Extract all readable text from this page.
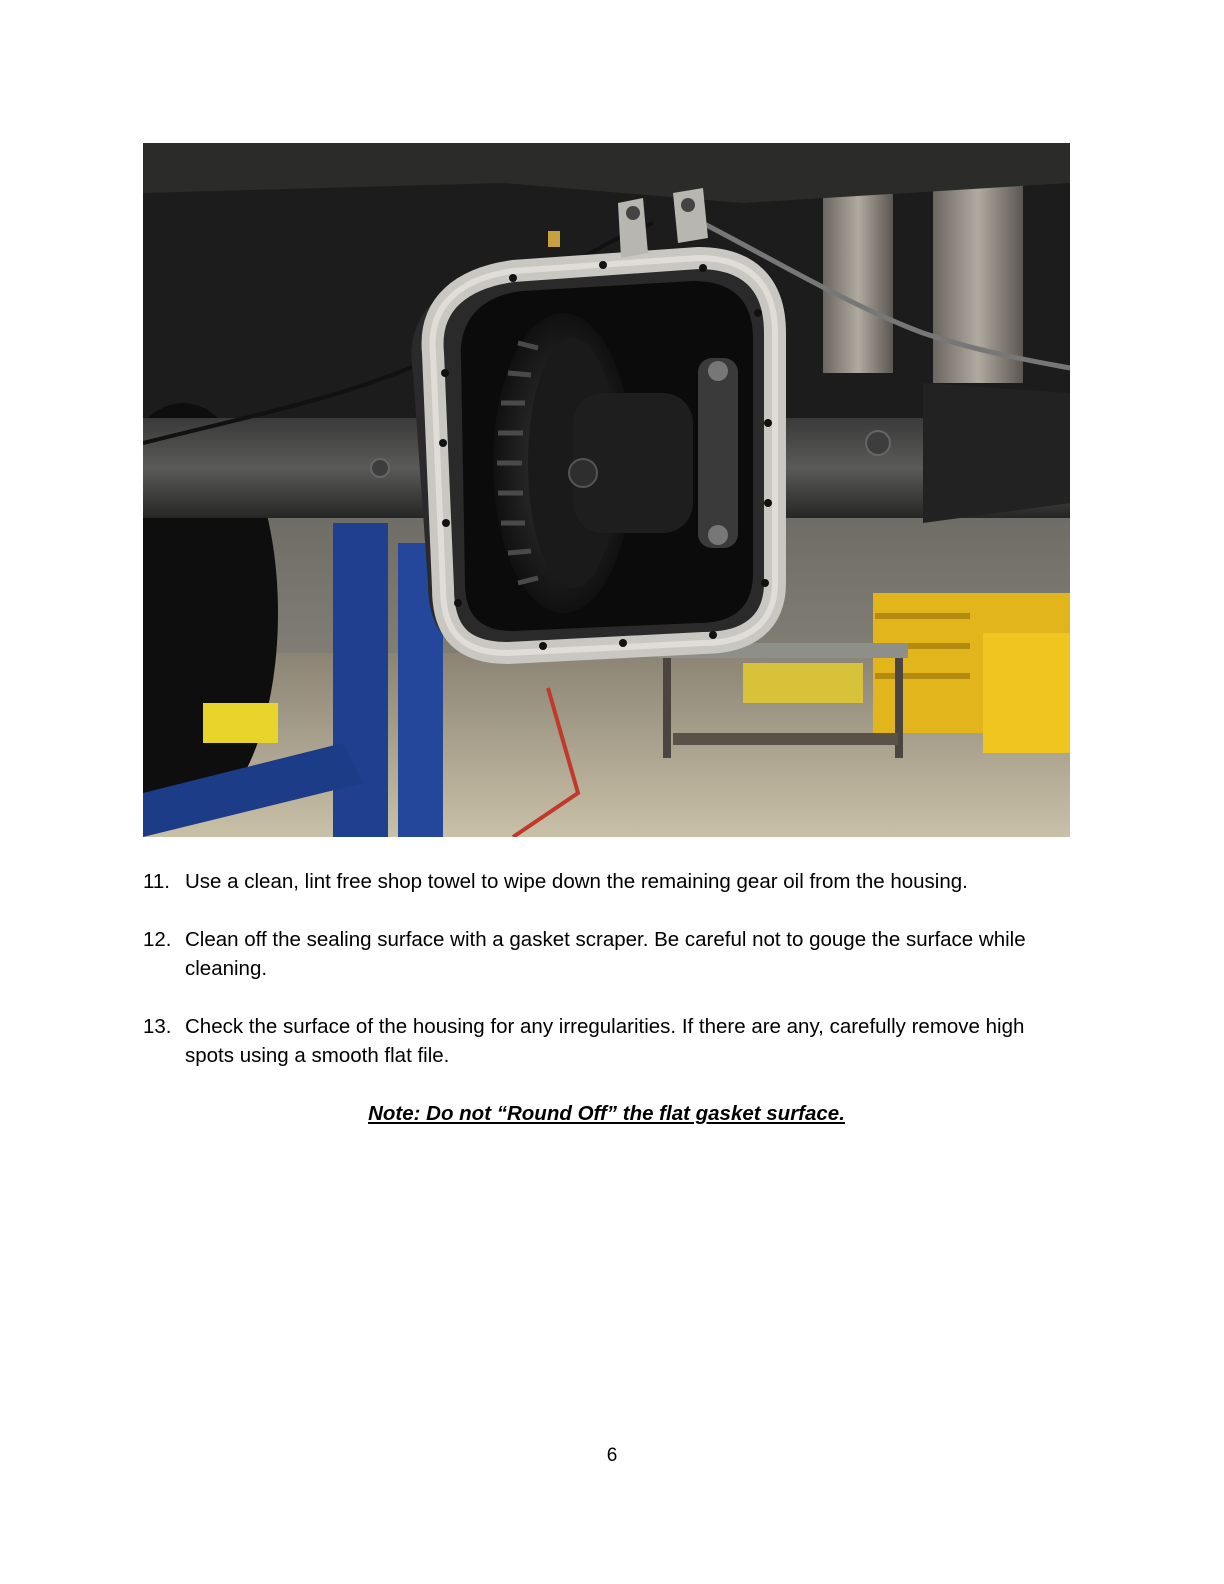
11. Use a clean, lint free shop towel to wipe down the remaining gear oil from the housing.
12. Clean off the sealing surface with a gasket scraper. Be careful not to gouge the surface while cleaning.
13. Check the surface of the housing for any irregularities. If there are any, carefully remove high spots using a smooth flat file.
Note: Do not “Round Off” the flat gasket surface.
6
